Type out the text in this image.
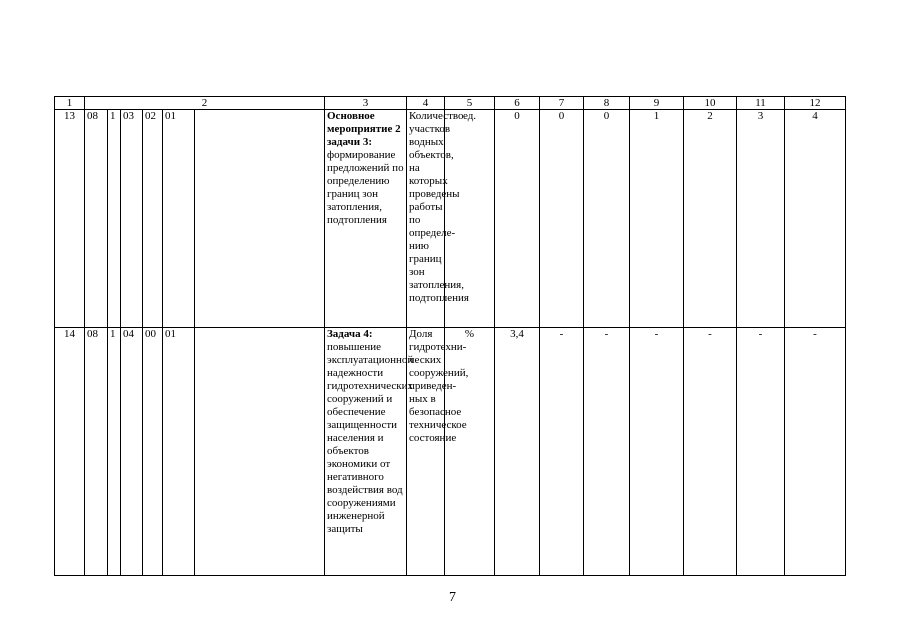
1	2						3	4	5	6	7	8	9	10	11	12	
13	08	1	03	02	01		Основное мероприятие 2 задачи 3: формирование предложений по определению границ зон затопления, подтопления	Количество участков водных объектов, на которых проведены работы по определе-нию границ зон затопления, подтопления	ед.	0	0	0	1	2	3	4	
14	08	1	04	00	01		Задача 4: повышение эксплуатационной надежности гидротехнических сооружений и обеспечение защищенности населения и объектов экономики от негативного воздействия вод сооружениями инженерной защиты	Доля гидротехни-ческих сооружений, приведен-ных в безопасное техническое состояние	%	3,4	-	-	-	-	-	-	
7
